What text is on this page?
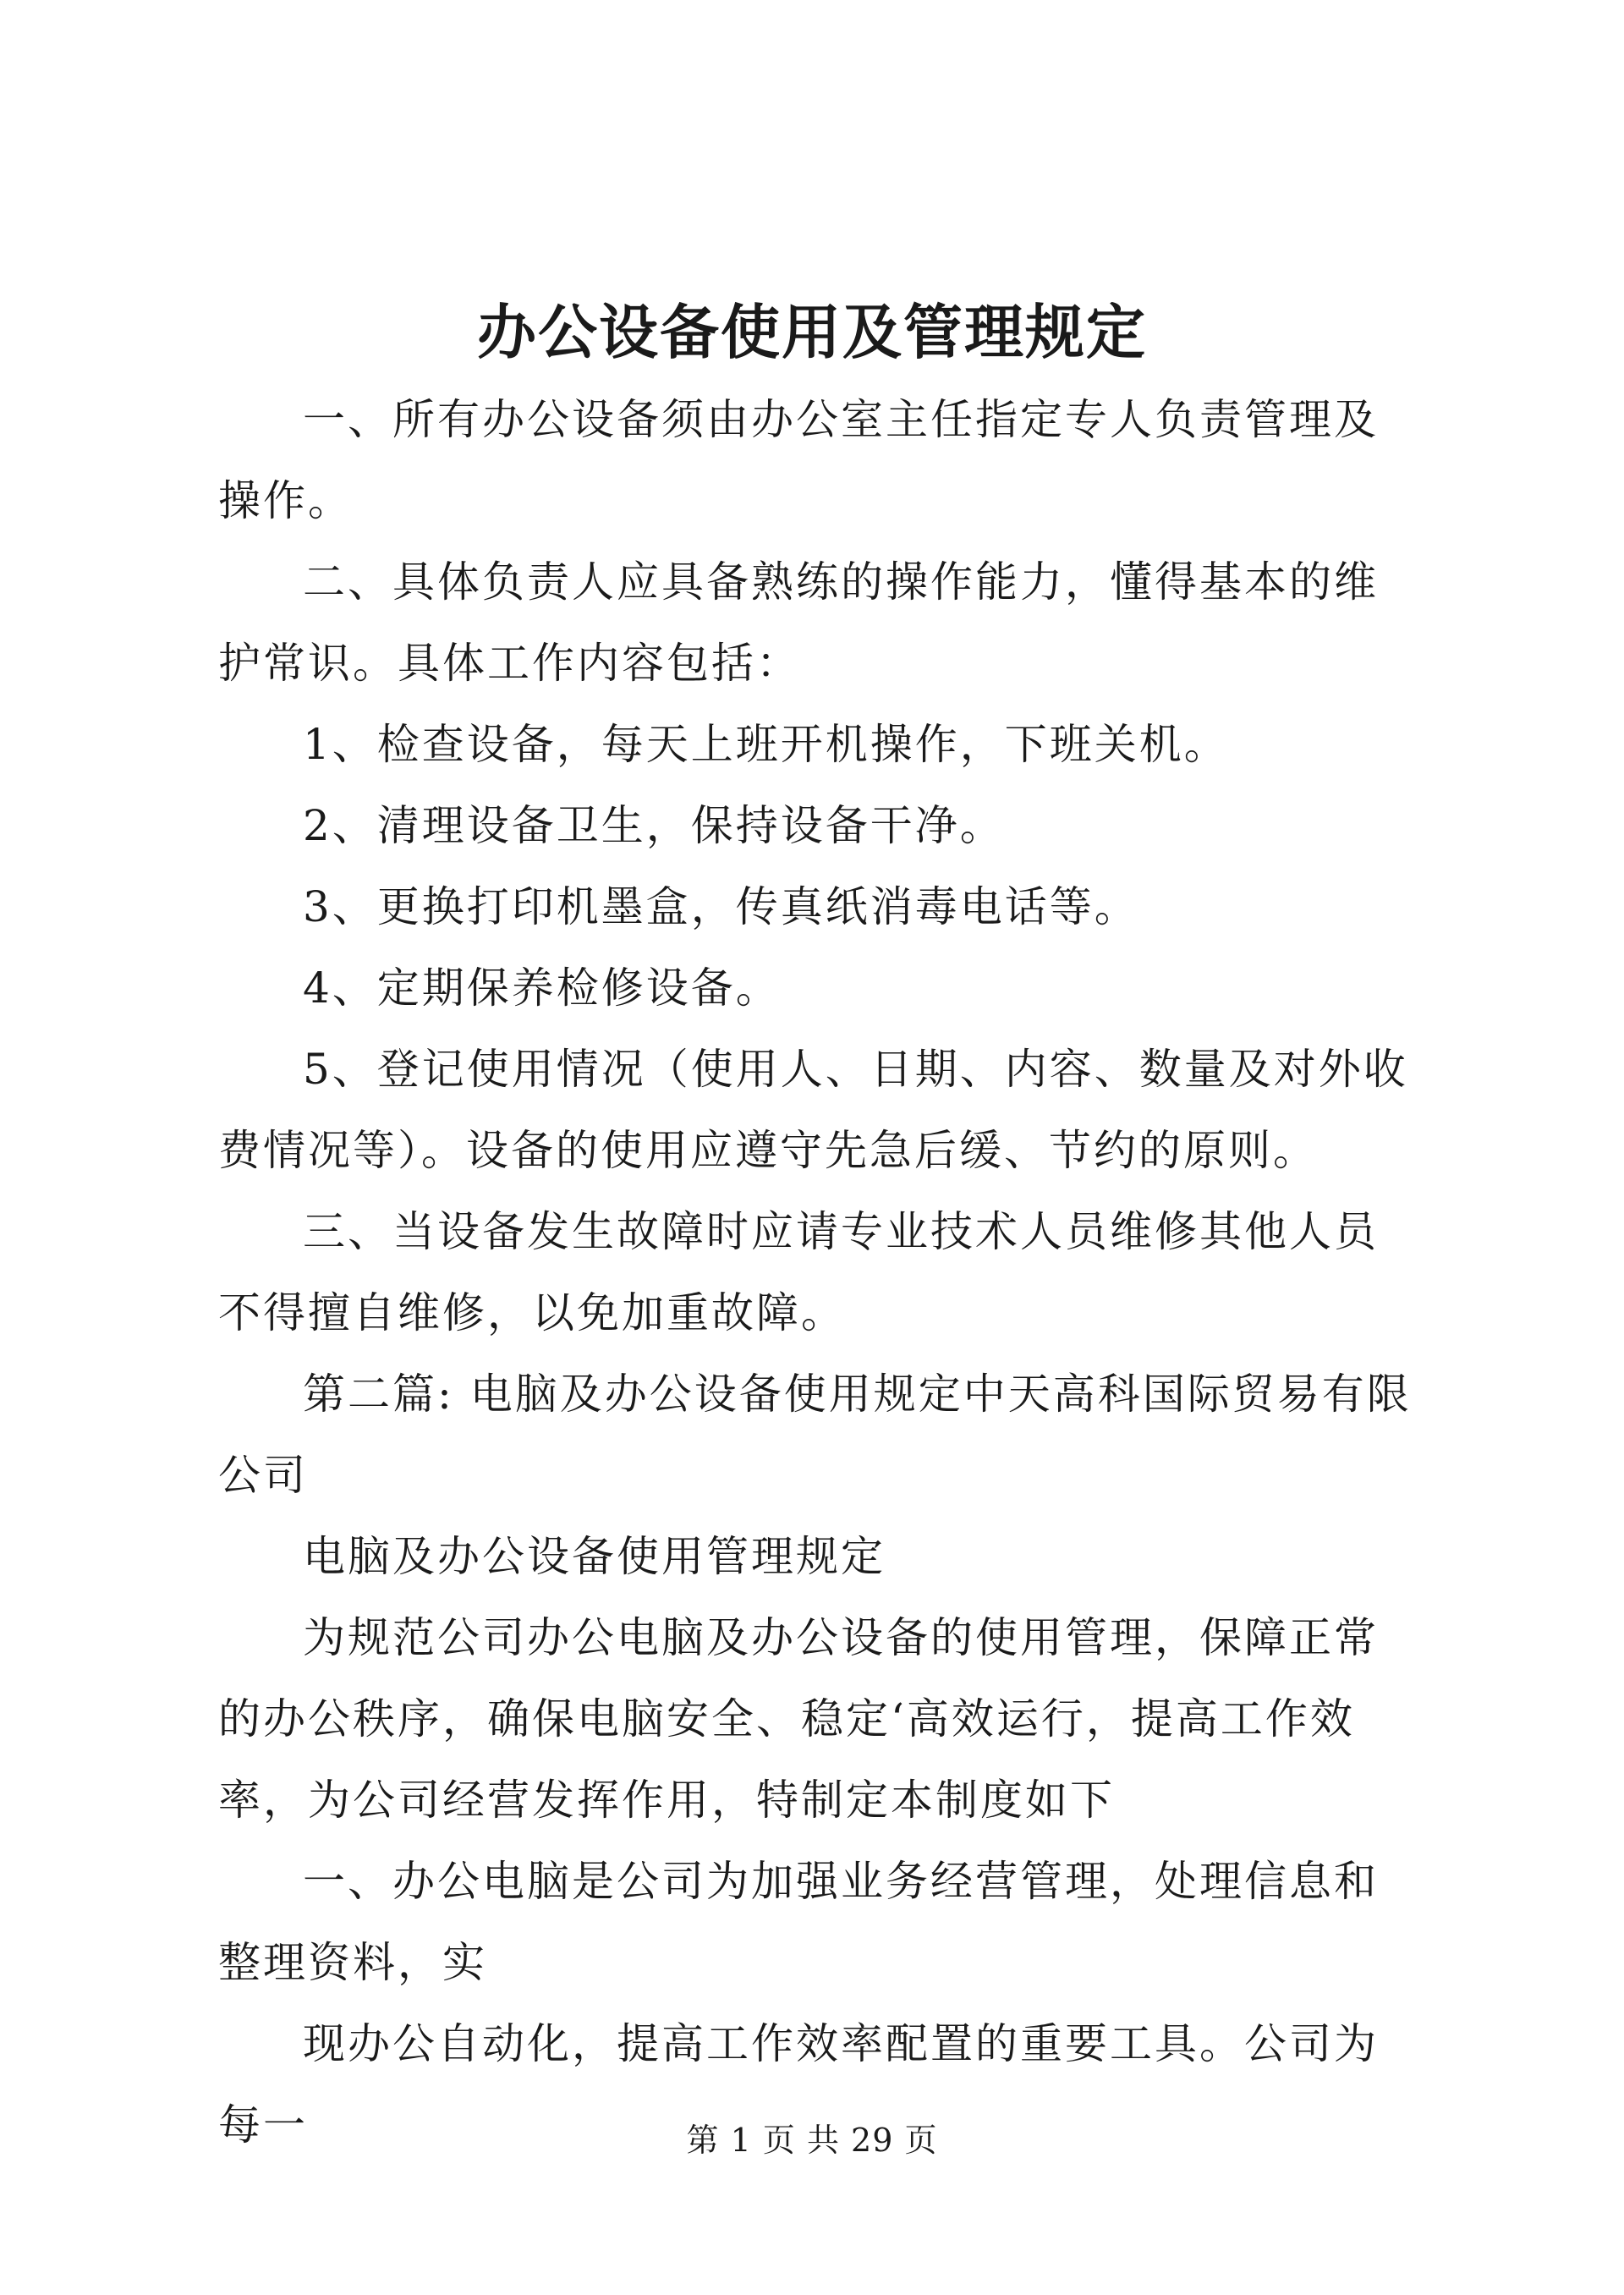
办公设备使用及管理规定

一、所有办公设备须由办公室主任指定专人负责管理及操作。

二、具体负责人应具备熟练的操作能力，懂得基本的维护常识。具体工作内容包括：

1、检查设备，每天上班开机操作，下班关机。

2、清理设备卫生，保持设备干净。

3、更换打印机墨盒，传真纸消毒电话等。

4、定期保养检修设备。

5、登记使用情况（使用人、日期、内容、数量及对外收费情况等）。设备的使用应遵守先急后缓、节约的原则。

三、当设备发生故障时应请专业技术人员维修其他人员不得擅自维修，以免加重故障。

第二篇: 电脑及办公设备使用规定中天高科国际贸易有限公司

电脑及办公设备使用管理规定

为规范公司办公电脑及办公设备的使用管理，保障正常的办公秩序，确保电脑安全、稳定‘高效运行，提高工作效率，为公司经营发挥作用，特制定本制度如下

一、办公电脑是公司为加强业务经营管理，处理信息和整理资料，实

现办公自动化，提高工作效率配置的重要工具。公司为每一	第 1 页 共 29 页
